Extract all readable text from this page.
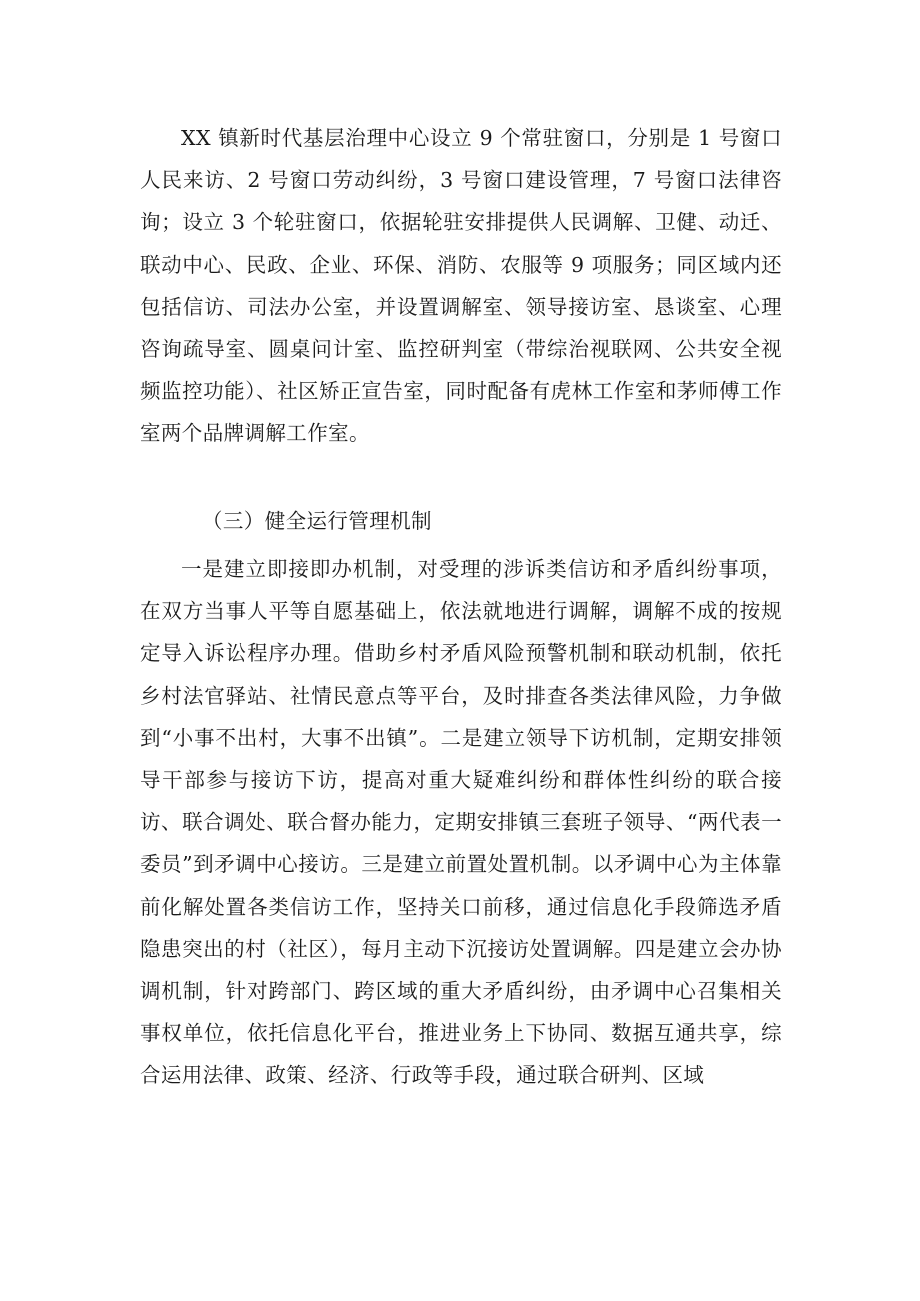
XX 镇新时代基层治理中心设立 9 个常驻窗口，分别是 1 号窗口人民来访、2 号窗口劳动纠纷，3 号窗口建设管理，7 号窗口法律咨询；设立 3 个轮驻窗口，依据轮驻安排提供人民调解、卫健、动迁、联动中心、民政、企业、环保、消防、农服等 9 项服务；同区域内还包括信访、司法办公室，并设置调解室、领导接访室、恳谈室、心理咨询疏导室、圆桌问计室、监控研判室（带综治视联网、公共安全视频监控功能）、社区矫正宣告室，同时配备有虎林工作室和茅师傅工作室两个品牌调解工作室。

（三）健全运行管理机制

一是建立即接即办机制，对受理的涉诉类信访和矛盾纠纷事项，在双方当事人平等自愿基础上，依法就地进行调解，调解不成的按规定导入诉讼程序办理。借助乡村矛盾风险预警机制和联动机制，依托乡村法官驿站、社情民意点等平台，及时排查各类法律风险，力争做到“小事不出村，大事不出镇”。二是建立领导下访机制，定期安排领导干部参与接访下访，提高对重大疑难纠纷和群体性纠纷的联合接访、联合调处、联合督办能力，定期安排镇三套班子领导、“两代表一委员”到矛调中心接访。三是建立前置处置机制。以矛调中心为主体靠前化解处置各类信访工作，坚持关口前移，通过信息化手段筛选矛盾隐患突出的村（社区），每月主动下沉接访处置调解。四是建立会办协调机制，针对跨部门、跨区域的重大矛盾纠纷，由矛调中心召集相关事权单位，依托信息化平台，推进业务上下协同、数据互通共享，综合运用法律、政策、经济、行政等手段，通过联合研判、区域
